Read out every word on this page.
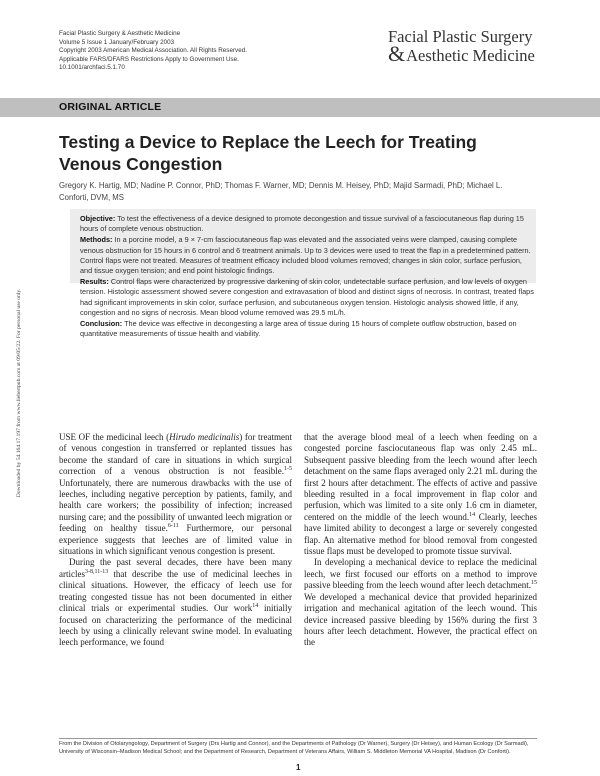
Facial Plastic Surgery & Aesthetic Medicine
Volume 5 Issue 1 January/February 2003
Copyright 2003 American Medical Association. All Rights Reserved.
Applicable FARS/DFARS Restrictions Apply to Government Use.
10.1001/archfaci.5.1.70
Facial Plastic Surgery
&Aesthetic Medicine
ORIGINAL ARTICLE
Testing a Device to Replace the Leech for Treating Venous Congestion
Gregory K. Hartig, MD; Nadine P. Connor, PhD; Thomas F. Warner, MD; Dennis M. Heisey, PhD; Majid Sarmadi, PhD; Michael L. Conforti, DVM, MS

Objective: To test the effectiveness of a device designed to promote decongestion and tissue survival of a fasciocutaneous flap during 15 hours of complete venous obstruction.

Methods: In a porcine model, a 9 × 7-cm fasciocutaneous flap was elevated and the associated veins were clamped, causing complete venous obstruction for 15 hours in 6 control and 6 treatment animals. Up to 3 devices were used to treat the flap in a predetermined pattern. Control flaps were not treated. Measures of treatment efficacy included blood volumes removed; changes in skin color, surface perfusion, and tissue oxygen tension; and end point histologic findings.

Results: Control flaps were characterized by progressive darkening of skin color, undetectable surface perfusion, and low levels of oxygen tension. Histologic assessment showed severe congestion and extravasation of blood and distinct signs of necrosis. In contrast, treated flaps had significant improvements in skin color, surface perfusion, and subcutaneous oxygen tension. Histologic analysis showed little, if any, congestion and no signs of necrosis. Mean blood volume removed was 29.5 mL/h.

Conclusion: The device was effective in decongesting a large area of tissue during 15 hours of complete outflow obstruction, based on quantitative measurements of tissue health and viability.

Downloaded by 54.164.17.197 from www.liebertpub.com at 09/05/22. For personal use only.	USE OF the medicinal leech (Hirudo medicinalis) for treatment of venous congestion in transferred or replanted tissues has become the standard of care in situations in which surgical correction of a venous obstruction is not feasible.$^{1-5}$ Unfortunately, there are numerous drawbacks with the use of leeches, including negative perception by patients, family, and health care workers; the possibility of infection; increased nursing care; and the possibility of unwanted leech migration or feeding on healthy tissue.$^{6-11}$ Furthermore, our personal experience suggests that leeches are of limited value in situations in which significant venous congestion is present.

During the past several decades, there have been many articles$^{3-8,11-13}$ that describe the use of medicinal leeches in clinical situations. However, the efficacy of leech use for treating congested tissue has not been documented in either clinical trials or experimental studies. Our work$^{14}$ initially focused on characterizing the performance of the medicinal leech by using a clinically relevant swine model. In evaluating leech performance, we found

that the average blood meal of a leech when feeding on a congested porcine fasciocutaneous flap was only 2.45 mL. Subsequent passive bleeding from the leech wound after leech detachment on the same flaps averaged only 2.21 mL during the first 2 hours after detachment. The effects of active and passive bleeding resulted in a focal improvement in flap color and perfusion, which was limited to a site only 1.6 cm in diameter, centered on the middle of the leech wound.$^{14}$ Clearly, leeches have limited ability to decongest a large or severely congested flap. An alternative method for blood removal from congested tissue flaps must be developed to promote tissue survival.

In developing a mechanical device to replace the medicinal leech, we first focused our efforts on a method to improve passive bleeding from the leech wound after leech detachment.$^{15}$ We developed a mechanical device that provided heparinized irrigation and mechanical agitation of the leech wound. This device increased passive bleeding by 156% during the first 3 hours after leech detachment. However, the practical effect on the

From the Division of Otolaryngology, Department of Surgery (Drs Hartig and Connor), and the Departments of Pathology (Dr Warner), Surgery (Dr Heisey), and Human Ecology (Dr Sarmadi), University of Wisconsin–Madison Medical School; and the Department of Research, Department of Veterans Affairs, William S. Middleton Memorial VA Hospital, Madison (Dr Conforti).
1
